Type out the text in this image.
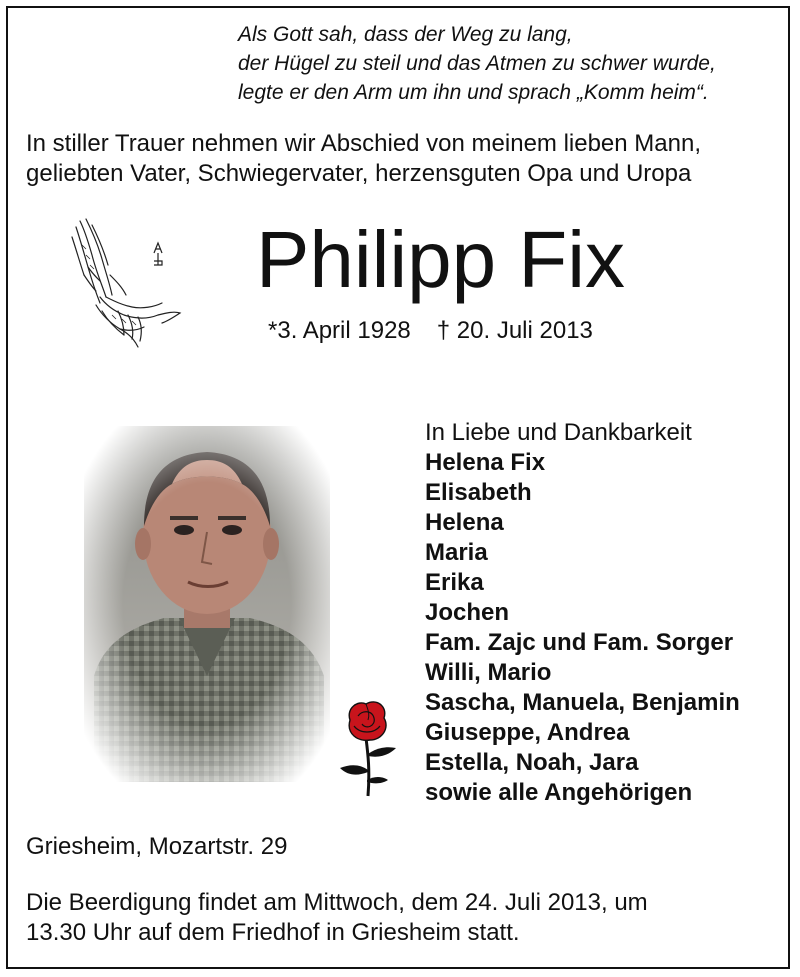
Als Gott sah, dass der Weg zu lang,
der Hügel zu steil und das Atmen zu schwer wurde,
legte er den Arm um ihn und sprach „Komm heim“.
In stiller Trauer nehmen wir Abschied von meinem lieben Mann,
geliebten Vater, Schwiegervater, herzensguten Opa und Uropa
Philipp Fix
*3. April 1928 † 20. Juli 2013
In Liebe und Dankbarkeit
Helena Fix
Elisabeth
Helena
Maria
Erika
Jochen
Fam. Zajc und Fam. Sorger
Willi, Mario
Sascha, Manuela, Benjamin
Giuseppe, Andrea
Estella, Noah, Jara
sowie alle Angehörigen
Griesheim, Mozartstr. 29
Die Beerdigung findet am Mittwoch, dem 24. Juli 2013, um
13.30 Uhr auf dem Friedhof in Griesheim statt.
